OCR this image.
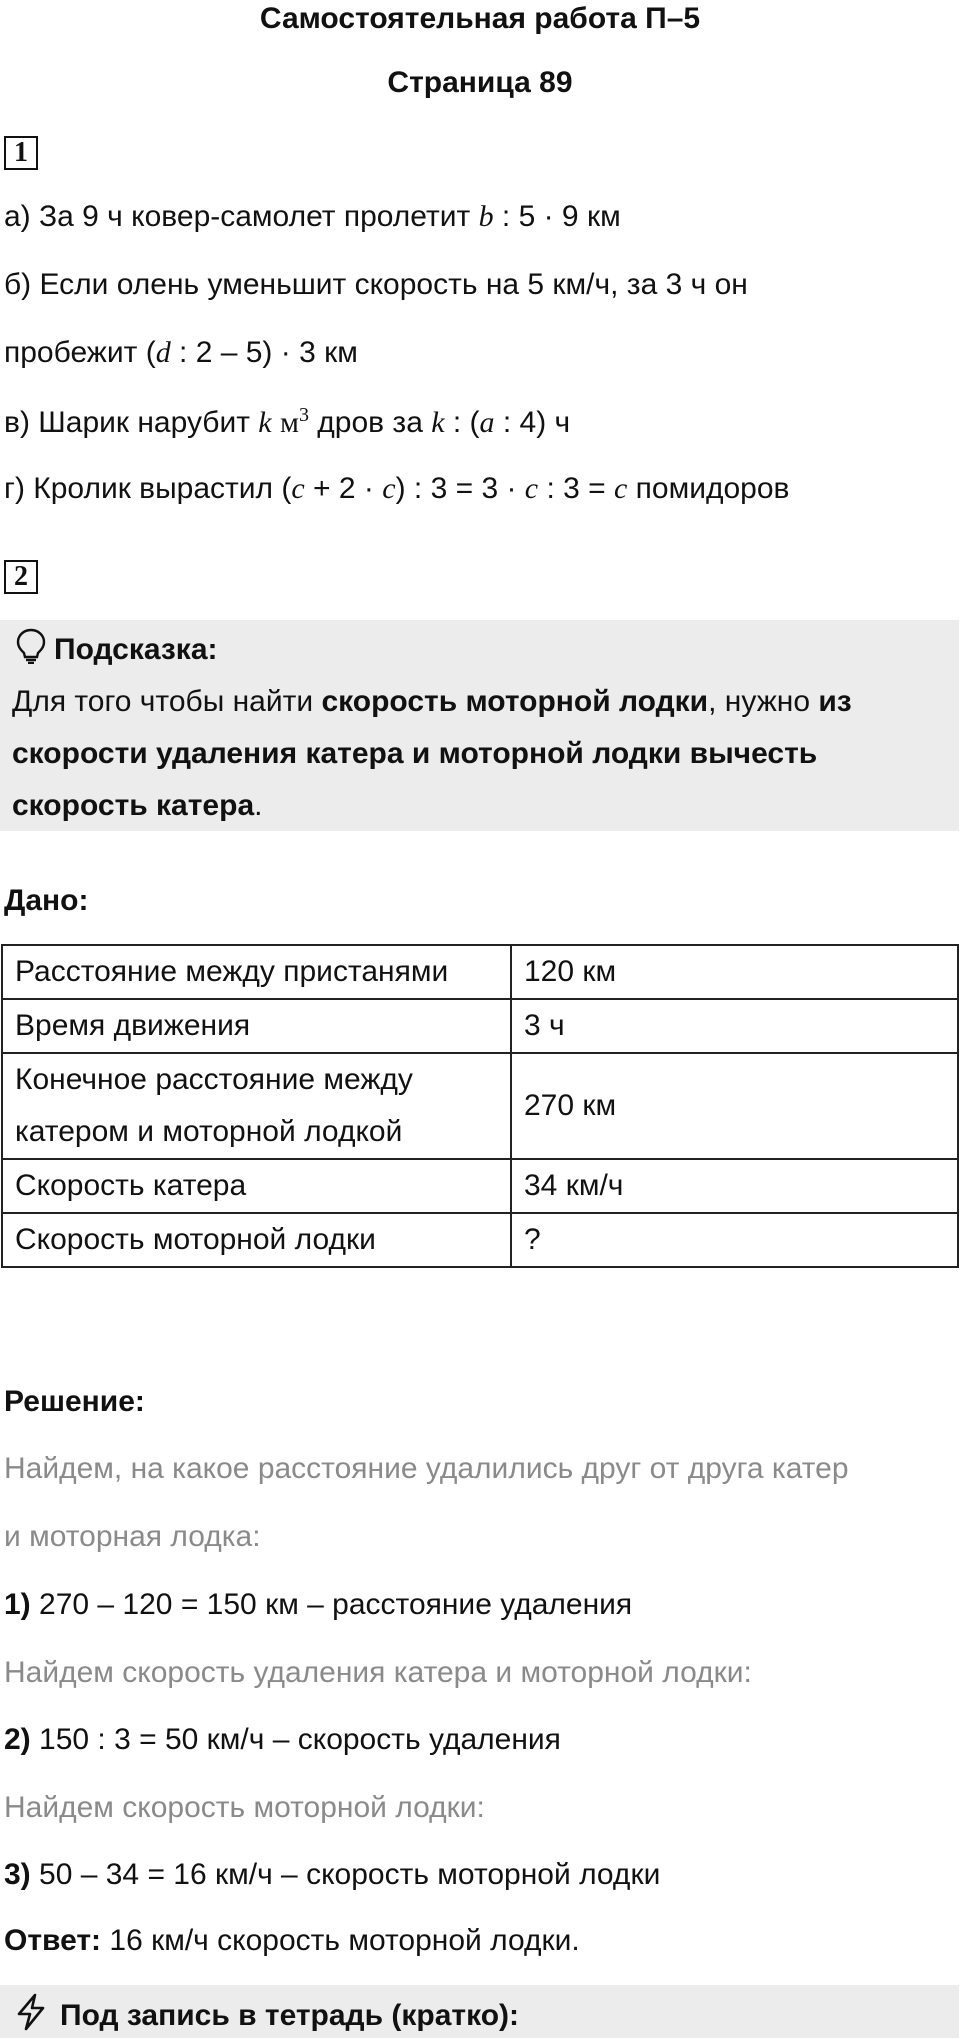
Самостоятельная работа П–5
Страница 89
1
а) За 9 ч ковер-самолет пролетит b : 5 · 9 км
б) Если олень уменьшит скорость на 5 км/ч, за 3 ч он
пробежит (d : 2 – 5) · 3 км
в) Шарик нарубит k $м^3$ дров за k : (a : 4) ч
г) Кролик вырастил (c + 2 · c) : 3 = 3 · c : 3 = c помидоров
2
Подсказка:
Для того чтобы найти скорость моторной лодки, нужно из скорости удаления катера и моторной лодки вычесть скорость катера.
Дано:
Расстояние между пристанями	120 км
Время движения	3 ч
Конечное расстояние между катером и моторной лодкой	270 км
Скорость катера	34 км/ч
Скорость моторной лодки	?
Решение:
Найдем, на какое расстояние удалились друг от друга катер
и моторная лодка:
1) 270 – 120 = 150 км – расстояние удаления
Найдем скорость удаления катера и моторной лодки:
2) 150 : 3 = 50 км/ч – скорость удаления
Найдем скорость моторной лодки:
3) 50 – 34 = 16 км/ч – скорость моторной лодки
Ответ: 16 км/ч скорость моторной лодки.
Под запись в тетрадь (кратко):
